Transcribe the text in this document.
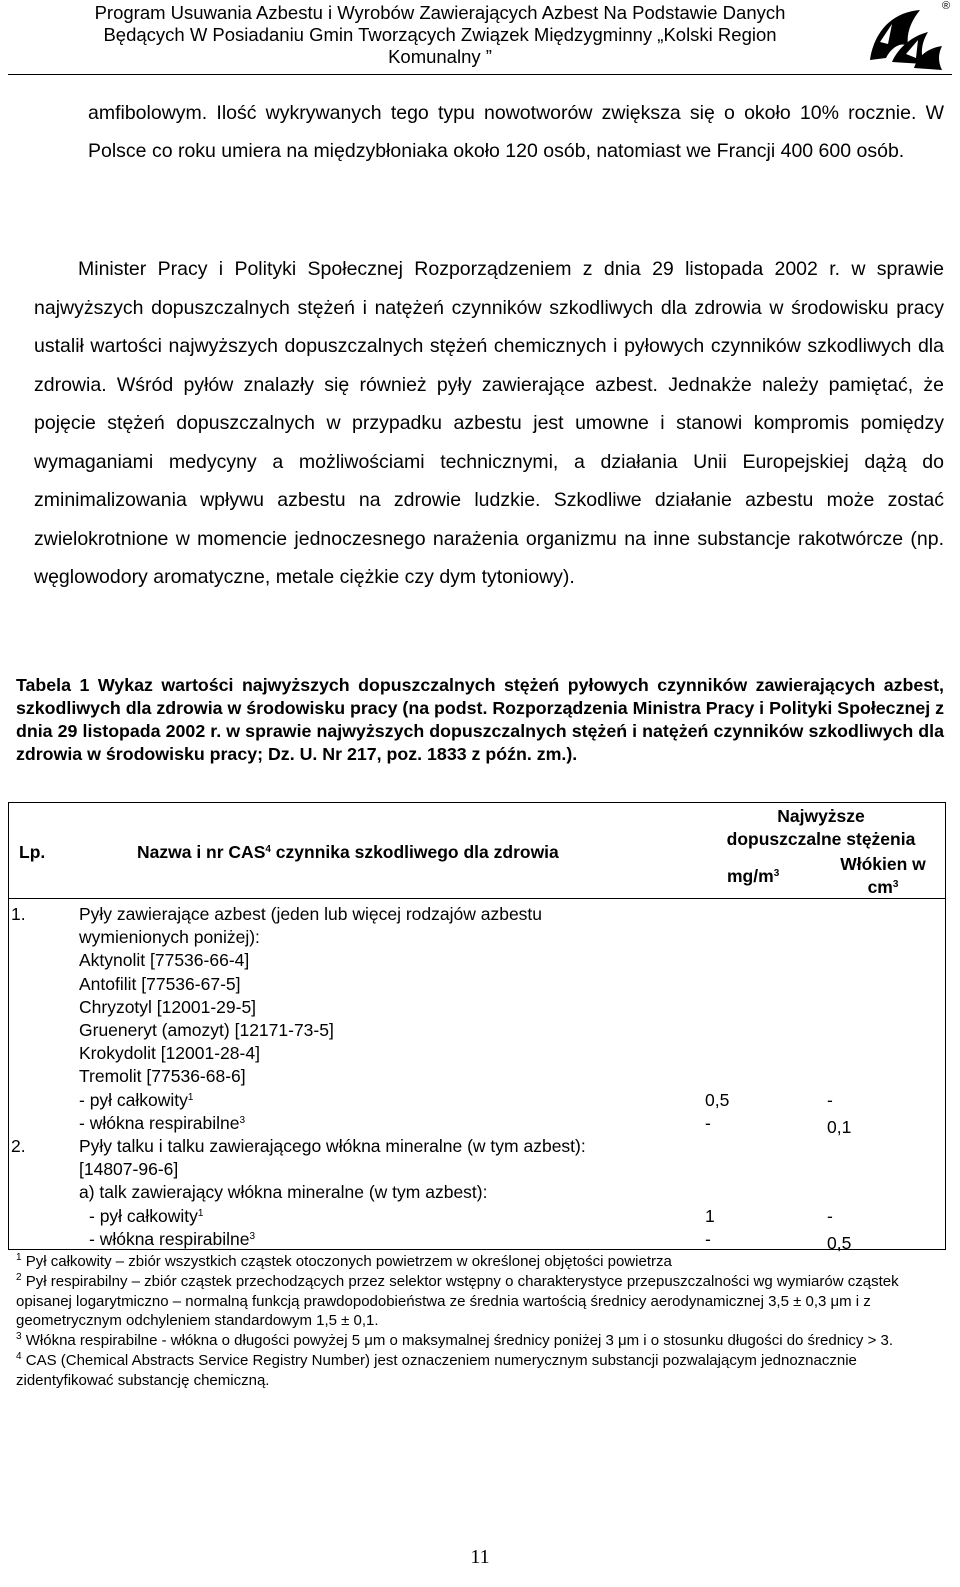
Program Usuwania Azbestu i Wyrobów Zawierających Azbest Na Podstawie Danych
Będących W Posiadaniu Gmin Tworzących Związek Międzygminny „Kolski Region
Komunalny ”
®
amfibolowym. Ilość wykrywanych tego typu nowotworów zwiększa się o około 10% rocznie. W Polsce co roku umiera na międzybłoniaka około 120 osób, natomiast we Francji 400 600 osób.
Minister Pracy i Polityki Społecznej Rozporządzeniem z dnia 29 listopada 2002 r. w sprawie najwyższych dopuszczalnych stężeń i natężeń czynników szkodliwych dla zdrowia w środowisku pracy ustalił wartości najwyższych dopuszczalnych stężeń chemicznych i pyłowych czynników szkodliwych dla zdrowia. Wśród pyłów znalazły się również pyły zawierające azbest. Jednakże należy pamiętać, że pojęcie stężeń dopuszczalnych w przypadku azbestu jest umowne i stanowi kompromis pomiędzy wymaganiami medycyny a możliwościami technicznymi, a działania Unii Europejskiej dążą do zminimalizowania wpływu azbestu na zdrowie ludzkie. Szkodliwe działanie azbestu może zostać zwielokrotnione w momencie jednoczesnego narażenia organizmu na inne substancje rakotwórcze (np. węglowodory aromatyczne, metale ciężkie czy dym tytoniowy).
Tabela 1 Wykaz wartości najwyższych dopuszczalnych stężeń pyłowych czynników zawierających azbest, szkodliwych dla zdrowia w środowisku pracy (na podst. Rozporządzenia Ministra Pracy i Polityki Społecznej z dnia 29 listopada 2002 r. w sprawie najwyższych dopuszczalnych stężeń i natężeń czynników szkodliwych dla zdrowia w środowisku pracy; Dz. U. Nr 217, poz. 1833 z późn. zm.).
Lp.	Nazwa i nr CAS$^4$ czynnika szkodliwego dla zdrowia
Najwyższe
dopuszczalne stężenia
$mg/m^3$	Włókien w
$cm^3$
1.	Pyły zawierające azbest (jeden lub więcej rodzajów azbestu
wymienionych poniżej):
Aktynolit [77536-66-4]
Antofilit [77536-67-5]
Chryzotyl [12001-29-5]
Grueneryt (amozyt) [12171-73-5]
Krokydolit [12001-28-4]
Tremolit [77536-68-6]
- pył całkowity$^1$	0,5	-
- włókna respirabilne$^3$	-	0,1
2.	Pyły talku i talku zawierającego włókna mineralne (w tym azbest):
[14807-96-6]
a) talk zawierający włókna mineralne (w tym azbest):
- pył całkowity$^1$	1	-
- włókna respirabilne$^3$	-	0,5

$^1$ Pył całkowity – zbiór wszystkich cząstek otoczonych powietrzem w określonej objętości powietrza

$^2$ Pył respirabilny – zbiór cząstek przechodzących przez selektor wstępny o charakterystyce przepuszczalności wg wymiarów cząstek opisanej logarytmiczno – normalną funkcją prawdopodobieństwa ze średnia wartością średnicy aerodynamicznej 3,5 ± 0,3 μm i z geometrycznym odchyleniem standardowym 1,5 ± 0,1.

$^3$ Włókna respirabilne - włókna o długości powyżej 5 μm o maksymalnej średnicy poniżej 3 μm i o stosunku długości do średnicy > 3.

$^4$ CAS (Chemical Abstracts Service Registry Number) jest oznaczeniem numerycznym substancji pozwalającym jednoznacznie zidentyfikować substancję chemiczną.

11
